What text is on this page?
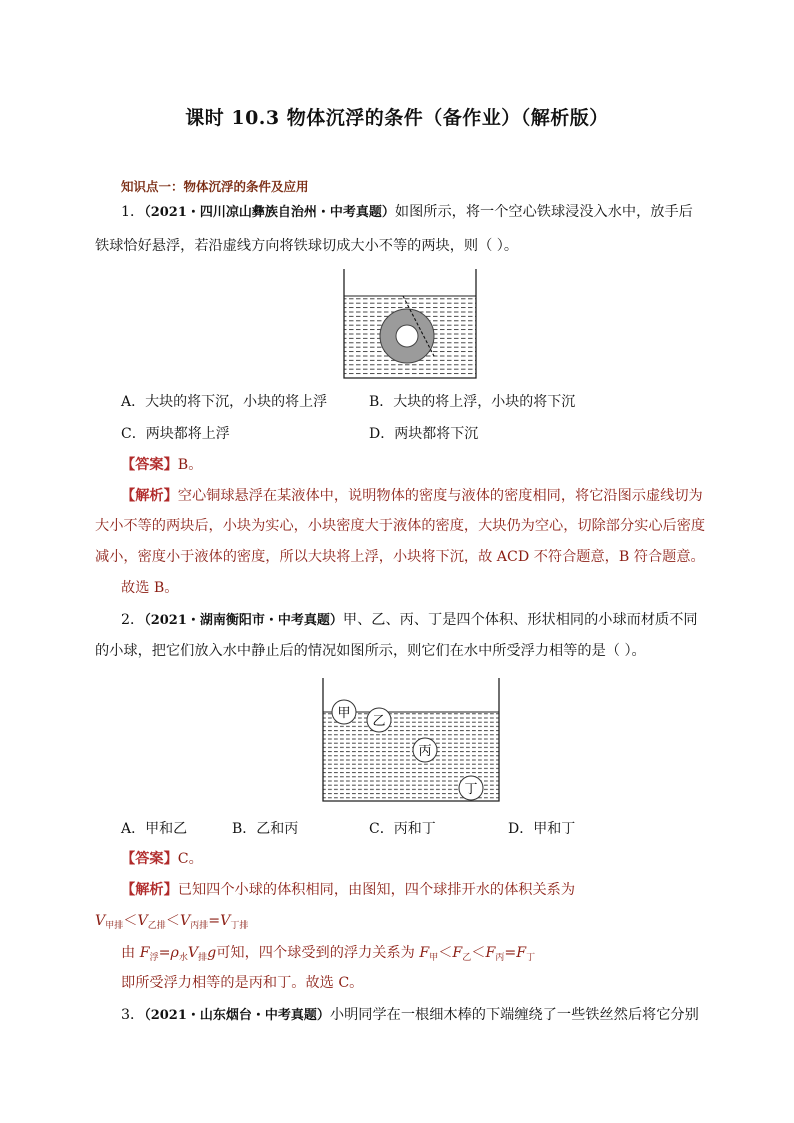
课时 10.3 物体沉浮的条件（备作业）（解析版）
知识点一：物体沉浮的条件及应用
1．（2021・四川凉山彝族自治州・中考真题）如图所示，将一个空心铁球浸没入水中，放手后
铁球恰好悬浮，若沿虚线方向将铁球切成大小不等的两块，则（ ）。
A．大块的将下沉，小块的将上浮	B．大块的将上浮，小块的将下沉
C．两块都将上浮	D．两块都将下沉
【答案】B。
【解析】空心铜球悬浮在某液体中，说明物体的密度与液体的密度相同，将它沿图示虚线切为
大小不等的两块后，小块为实心，小块密度大于液体的密度，大块仍为空心，切除部分实心后密度
减小，密度小于液体的密度，所以大块将上浮，小块将下沉，故 ACD 不符合题意，B 符合题意。
故选 B。
2．（2021・湖南衡阳市・中考真题）甲、乙、丙、丁是四个体积、形状相同的小球而材质不同
的小球，把它们放入水中静止后的情况如图所示，则它们在水中所受浮力相等的是（ ）。
甲
乙
丙
丁
A．甲和乙	B．乙和丙	C．丙和丁	D．甲和丁
【答案】C。
【解析】已知四个小球的体积相同，由图知，四个球排开水的体积关系为
$V_{甲排}<V_{乙排}<V_{丙排}=V_{丁排}$
由 $F_浮=\rho_水V_排g$可知，四个球受到的浮力关系为 $F_甲<F_乙<F_丙=F_丁$
即所受浮力相等的是丙和丁。故选 C。
3．（2021・山东烟台・中考真题）小明同学在一根细木棒的下端缠绕了一些铁丝然后将它分别
